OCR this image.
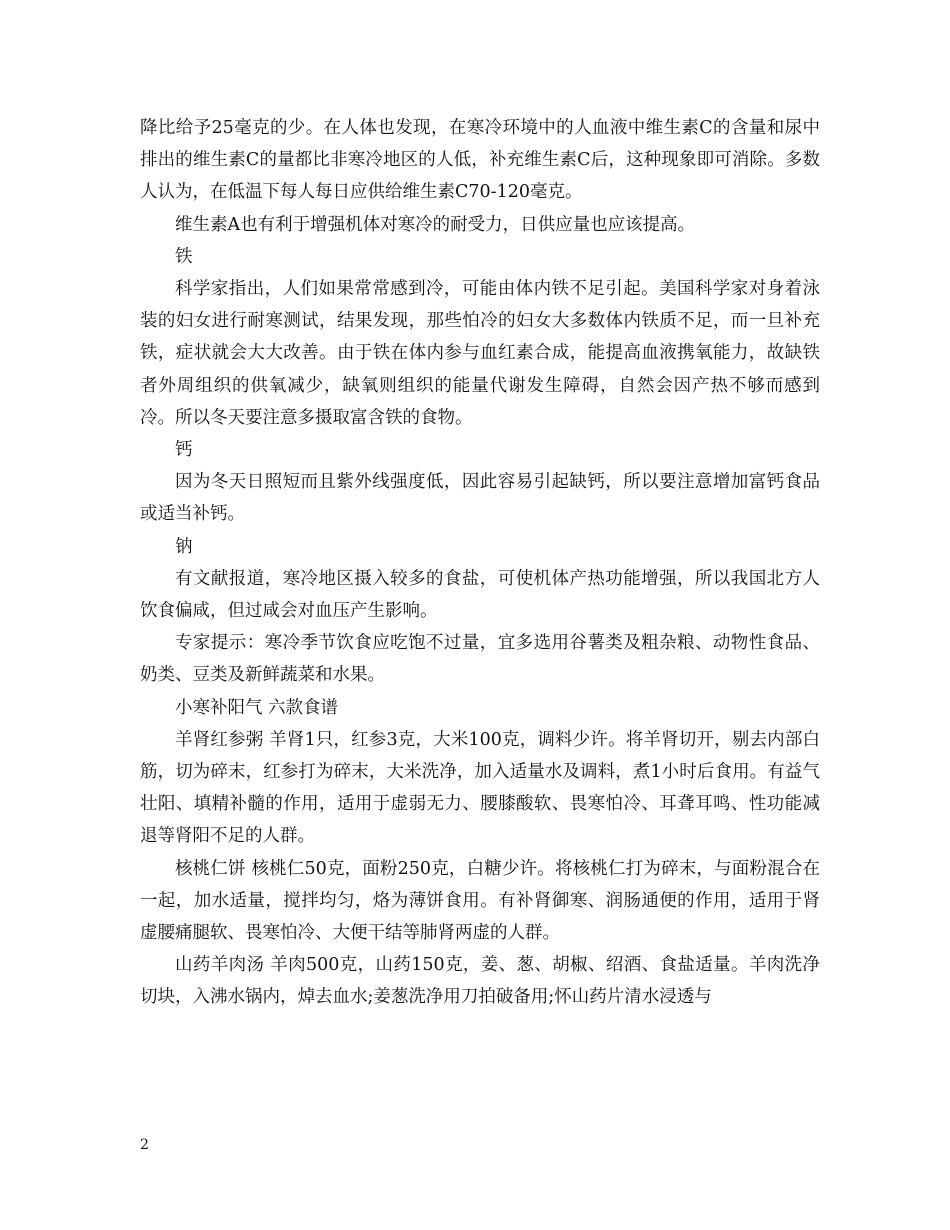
降比给予25毫克的少。在人体也发现，在寒冷环境中的人血液中维生素C的含量和尿中排出的维生素C的量都比非寒冷地区的人低，补充维生素C后，这种现象即可消除。多数人认为，在低温下每人每日应供给维生素C70-120毫克。

维生素A也有利于增强机体对寒冷的耐受力，日供应量也应该提高。

铁

科学家指出，人们如果常常感到冷，可能由体内铁不足引起。美国科学家对身着泳装的妇女进行耐寒测试，结果发现，那些怕冷的妇女大多数体内铁质不足，而一旦补充铁，症状就会大大改善。由于铁在体内参与血红素合成，能提高血液携氧能力，故缺铁者外周组织的供氧减少，缺氧则组织的能量代谢发生障碍，自然会因产热不够而感到冷。所以冬天要注意多摄取富含铁的食物。

钙

因为冬天日照短而且紫外线强度低，因此容易引起缺钙，所以要注意增加富钙食品或适当补钙。

钠

有文献报道，寒冷地区摄入较多的食盐，可使机体产热功能增强，所以我国北方人饮食偏咸，但过咸会对血压产生影响。

专家提示：寒冷季节饮食应吃饱不过量，宜多选用谷薯类及粗杂粮、动物性食品、奶类、豆类及新鲜蔬菜和水果。

小寒补阳气 六款食谱

羊肾红参粥 羊肾1只，红参3克，大米100克，调料少许。将羊肾切开，剔去内部白筋，切为碎末，红参打为碎末，大米洗净，加入适量水及调料，煮1小时后食用。有益气壮阳、填精补髓的作用，适用于虚弱无力、腰膝酸软、畏寒怕冷、耳聋耳鸣、性功能减退等肾阳不足的人群。

核桃仁饼 核桃仁50克，面粉250克，白糖少许。将核桃仁打为碎末，与面粉混合在一起，加水适量，搅拌均匀，烙为薄饼食用。有补肾御寒、润肠通便的作用，适用于肾虚腰痛腿软、畏寒怕冷、大便干结等肺肾两虚的人群。

山药羊肉汤 羊肉500克，山药150克，姜、葱、胡椒、绍酒、食盐适量。羊肉洗净切块，入沸水锅内，焯去血水;姜葱洗净用刀拍破备用;怀山药片清水浸透与

2
